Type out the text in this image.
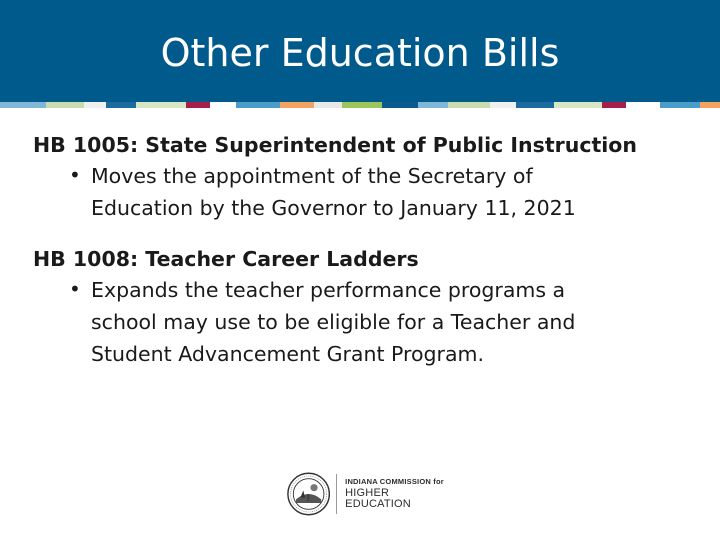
Other Education Bills
HB 1005: State Superintendent of Public Instruction
• Moves the appointment of the Secretary of Education by the Governor to January 11, 2021
HB 1008: Teacher Career Ladders
• Expands the teacher performance programs a school may use to be eligible for a Teacher and Student Advancement Grant Program.
INDIANA COMMISSION for
HIGHER EDUCATION
